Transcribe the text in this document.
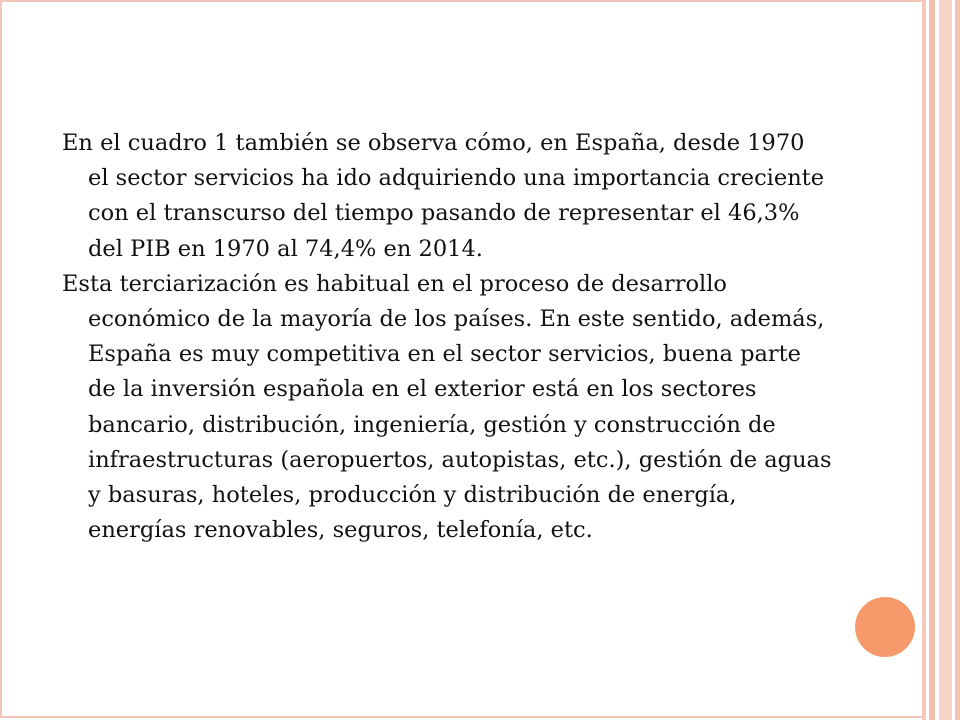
En el cuadro 1 también se observa cómo, en España, desde 1970 el sector servicios ha ido adquiriendo una importancia creciente con el transcurso del tiempo pasando de representar el 46,3% del PIB en 1970 al 74,4% en 2014.

Esta terciarización es habitual en el proceso de desarrollo económico de la mayoría de los países. En este sentido, además, España es muy competitiva en el sector servicios, buena parte de la inversión española en el exterior está en los sectores bancario, distribución, ingeniería, gestión y construcción de infraestructuras (aeropuertos, autopistas, etc.), gestión de aguas y basuras, hoteles, producción y distribución de energía, energías renovables, seguros, telefonía, etc.
